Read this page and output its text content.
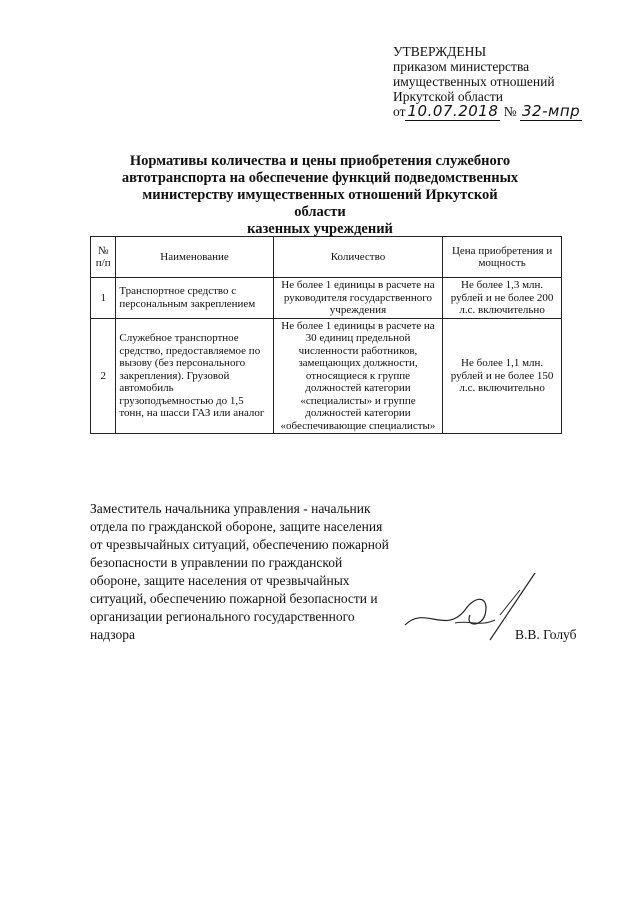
УТВЕРЖДЕНЫ
приказом министерства
имущественных отношений
Иркутской области
от 10.07.2018 № 32-мпр
Нормативы количества и цены приобретения служебного
автотранспорта на обеспечение функций подведомственных
министерству имущественных отношений Иркутской области
казенных учреждений
№ п/п	Наименование	Количество	Цена приобретения и мощность
1	Транспортное средство с персональным закреплением	Не более 1 единицы в расчете на руководителя государственного учреждения	Не более 1,3 млн. рублей и не более 200 л.с. включительно
2	Служебное транспортное средство, предоставляемое по вызову (без персонального закрепления). Грузовой автомобиль грузоподъемностью до 1,5 тонн, на шасси ГАЗ или аналог	Не более 1 единицы в расчете на 30 единиц предельной численности работников, замещающих должности, относящиеся к группе должностей категории «специалисты» и группе должностей категории «обеспечивающие специалисты»	Не более 1,1 млн. рублей и не более 150 л.с. включительно
Заместитель начальника управления - начальник
отдела по гражданской обороне, защите населения
от чрезвычайных ситуаций, обеспечению пожарной
безопасности в управлении по гражданской
обороне, защите населения от чрезвычайных
ситуаций, обеспечению пожарной безопасности и
организации регионального государственного
надзора	В.В. Голуб
